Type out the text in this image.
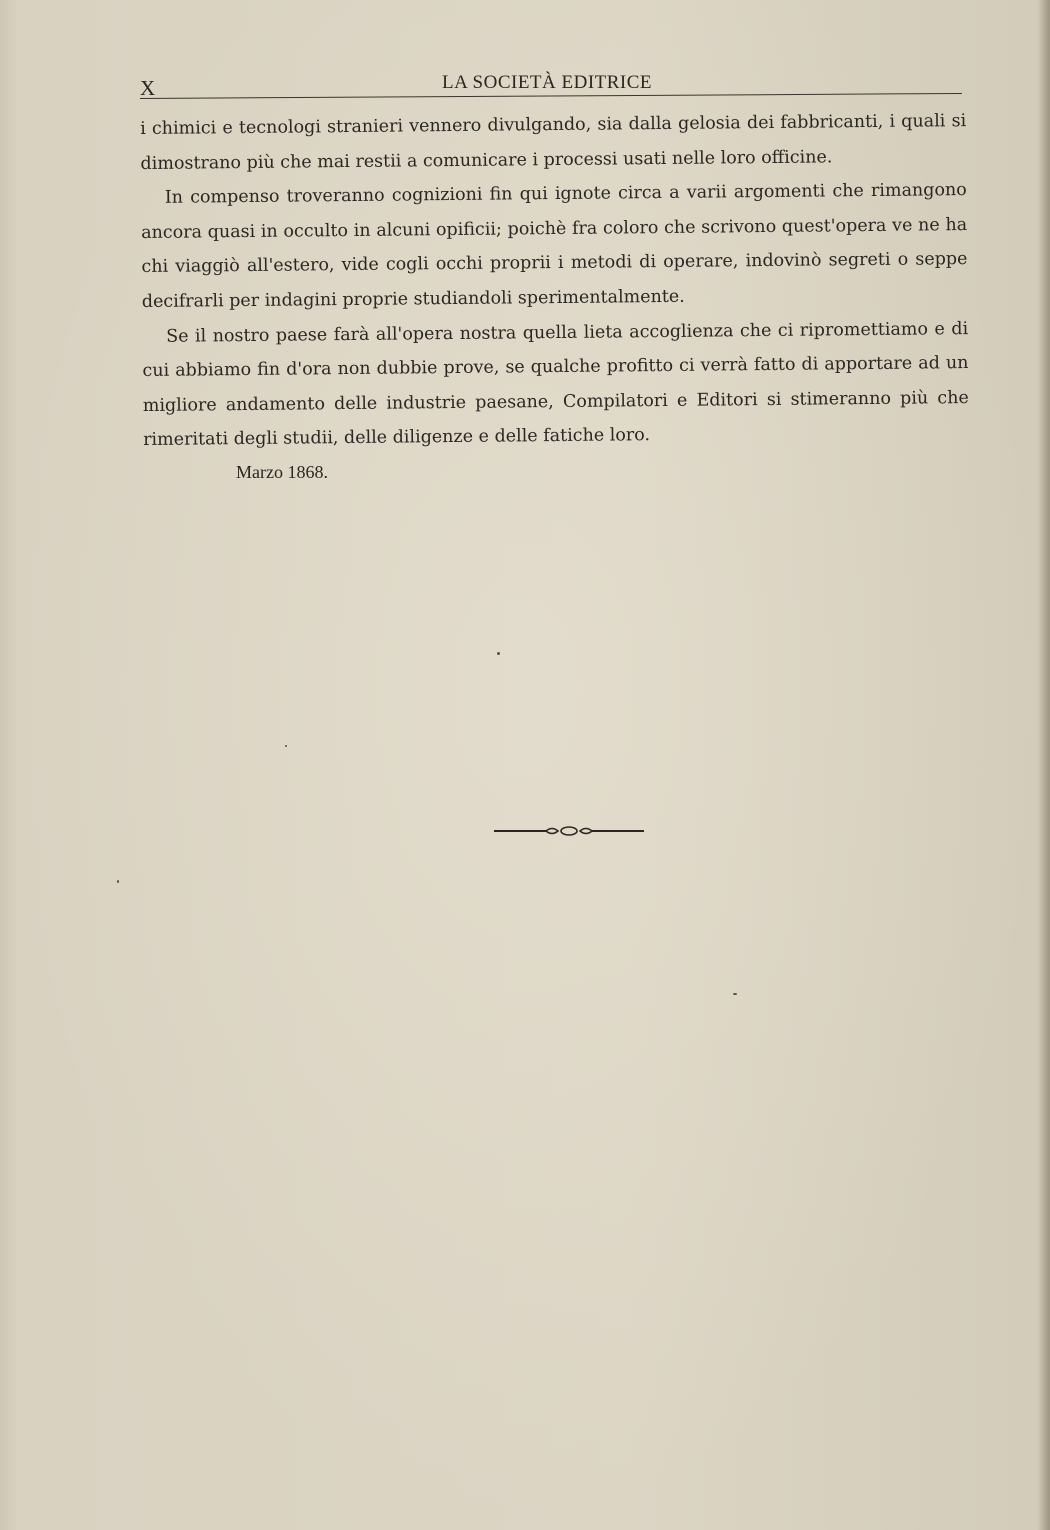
X	LA SOCIETÀ EDITRICE

i chimici e tecnologi stranieri vennero divulgando, sia dalla gelosia dei fabbricanti, i quali si dimostrano più che mai restii a comunicare i processi usati nelle loro officine.

In compenso troveranno cognizioni fin qui ignote circa a varii argomenti che rimangono ancora quasi in occulto in alcuni opificii; poichè fra coloro che scrivono quest'opera ve ne ha chi viaggiò all'estero, vide cogli occhi proprii i metodi di operare, indovinò segreti o seppe decifrarli per indagini proprie studiandoli sperimentalmente.

Se il nostro paese farà all'opera nostra quella lieta accoglienza che ci ripromettiamo e di cui abbiamo fin d'ora non dubbie prove, se qualche profitto ci verrà fatto di apportare ad un migliore andamento delle industrie paesane, Compilatori e Editori si stimeranno più che rimeritati degli studii, delle diligenze e delle fatiche loro.

Marzo 1868.
